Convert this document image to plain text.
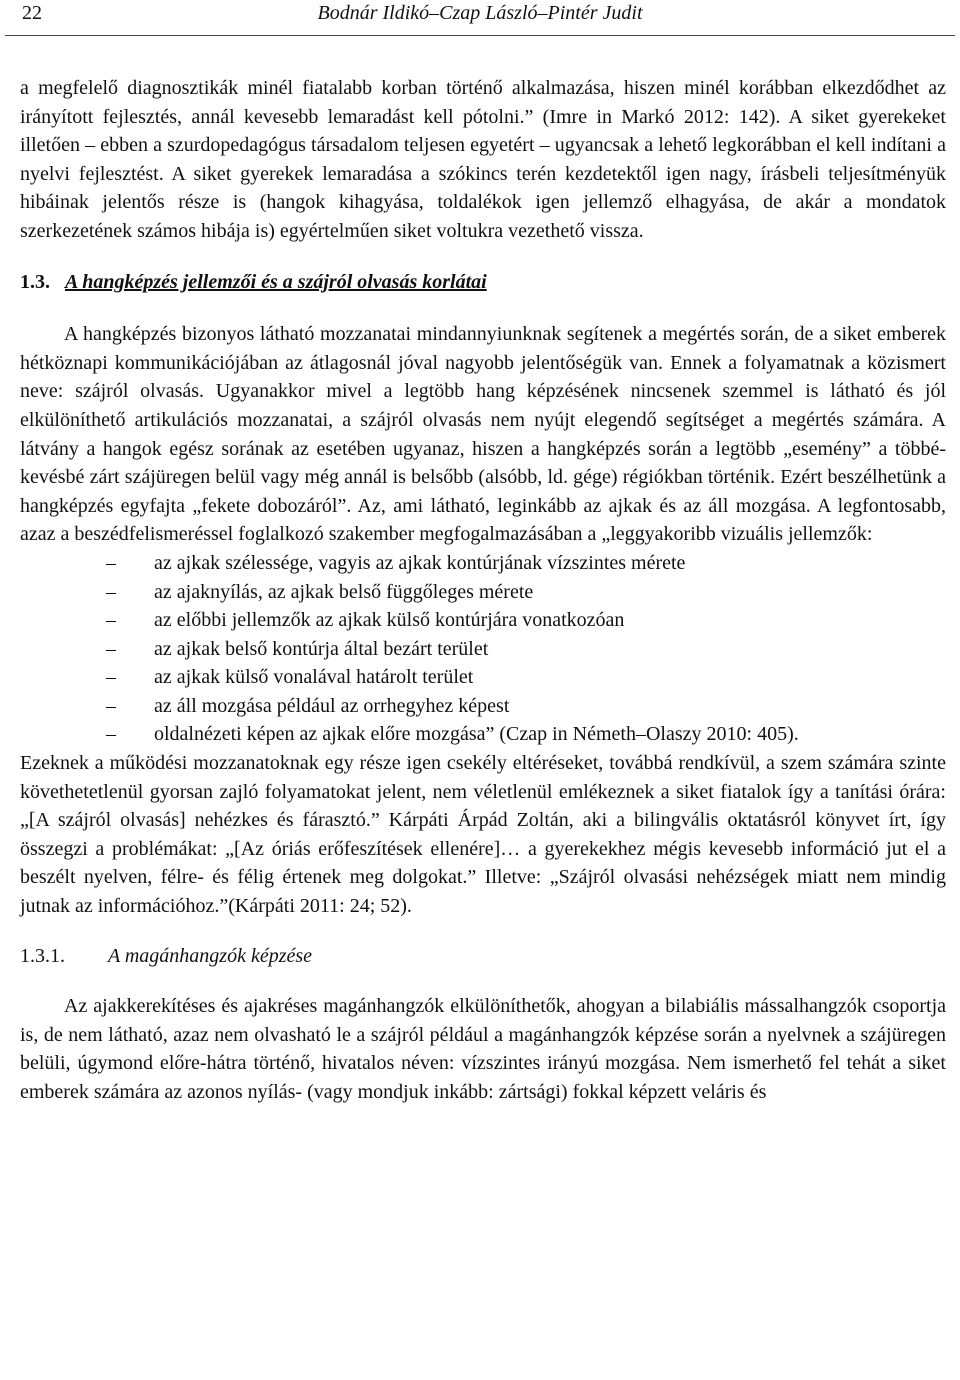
22	Bodnár Ildikó–Czap László–Pintér Judit

a megfelelő diagnosztikák minél fiatalabb korban történő alkalmazása, hiszen minél korábban elkezdődhet az irányított fejlesztés, annál kevesebb lemaradást kell pótolni.” (Imre in Markó 2012: 142). A siket gyerekeket illetően – ebben a szurdopedagógus társadalom teljesen egyetért – ugyancsak a lehető legkorábban el kell indítani a nyelvi fejlesztést. A siket gyerekek lemaradása a szókincs terén kezdetektől igen nagy, írásbeli teljesítményük hibáinak jelentős része is (hangok kihagyása, toldalékok igen jellemző elhagyása, de akár a mondatok szerkezetének számos hibája is) egyértelműen siket voltukra vezethető vissza.

1.3. A hangképzés jellemzői és a szájról olvasás korlátai

A hangképzés bizonyos látható mozzanatai mindannyiunknak segítenek a megértés során, de a siket emberek hétköznapi kommunikációjában az átlagosnál jóval nagyobb jelentőségük van. Ennek a folyamatnak a közismert neve: szájról olvasás. Ugyanakkor mivel a legtöbb hang képzésének nincsenek szemmel is látható és jól elkülöníthető artikulációs mozzanatai, a szájról olvasás nem nyújt elegendő segítséget a megértés számára. A látvány a hangok egész sorának az esetében ugyanaz, hiszen a hangképzés során a legtöbb „esemény” a többé-kevésbé zárt szájüregen belül vagy még annál is belsőbb (alsóbb, ld. gége) régiókban történik. Ezért beszélhetünk a hangképzés egyfajta „fekete dobozáról”. Az, ami látható, leginkább az ajkak és az áll mozgása. A legfontosabb, azaz a beszédfelismeréssel foglalkozó szakember megfogalmazásában a „leggyakoribb vizuális jellemzők:

– az ajkak szélessége, vagyis az ajkak kontúrjának vízszintes mérete
– az ajaknyílás, az ajkak belső függőleges mérete
– az előbbi jellemzők az ajkak külső kontúrjára vonatkozóan
– az ajkak belső kontúrja által bezárt terület
– az ajkak külső vonalával határolt terület
– az áll mozgása például az orrhegyhez képest
– oldalnézeti képen az ajkak előre mozgása” (Czap in Németh–Olaszy 2010: 405).

Ezeknek a működési mozzanatoknak egy része igen csekély eltéréseket, továbbá rendkívül, a szem számára szinte követhetetlenül gyorsan zajló folyamatokat jelent, nem véletlenül emlékeznek a siket fiatalok így a tanítási órára: „[A szájról olvasás] nehézkes és fárasztó.” Kárpáti Árpád Zoltán, aki a bilingvális oktatásról könyvet írt, így összegzi a problémákat: „[Az óriás erőfeszítések ellenére]… a gyerekekhez mégis kevesebb információ jut el a beszélt nyelven, félre- és félig értenek meg dolgokat.” Illetve: „Szájról olvasási nehézségek miatt nem mindig jutnak az információhoz.”(Kárpáti 2011: 24; 52).

1.3.1. A magánhangzók képzése

Az ajakkerekítéses és ajakréses magánhangzók elkülöníthetők, ahogyan a bilabiális mássalhangzók csoportja is, de nem látható, azaz nem olvasható le a szájról például a magánhangzók képzése során a nyelvnek a szájüregen belüli, úgymond előre-hátra történő, hivatalos néven: vízszintes irányú mozgása. Nem ismerhető fel tehát a siket emberek számára az azonos nyílás- (vagy mondjuk inkább: zártsági) fokkal képzett veláris és
